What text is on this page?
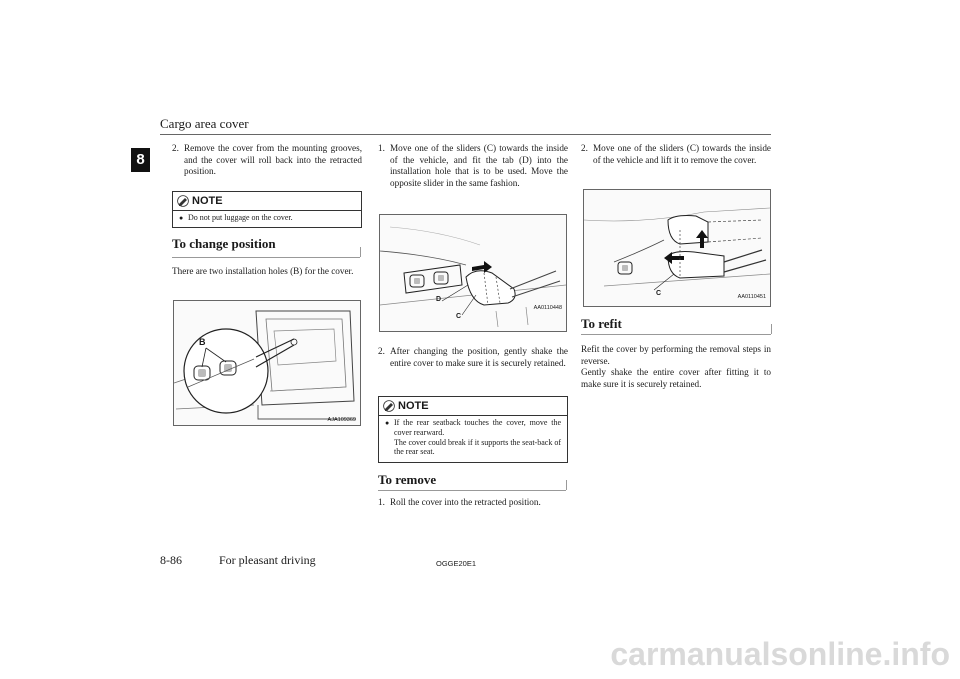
Cargo area cover
8
2. Remove the cover from the mounting grooves, and the cover will roll back into the retracted position.
NOTE
● Do not put luggage on the cover.
To change position
There are two installation holes (B) for the cover.
B
AJA109369
1. Move one of the sliders (C) towards the inside of the vehicle, and fit the tab (D) into the installation hole that is to be used. Move the opposite slider in the same fashion.
D
C
AA0110448
2. After changing the position, gently shake the entire cover to make sure it is securely retained.
NOTE
● If the rear seatback touches the cover, move the cover rearward.
The cover could break if it supports the seat-back of the rear seat.
To remove
1. Roll the cover into the retracted position.
2. Move one of the sliders (C) towards the inside of the vehicle and lift it to remove the cover.
C	AA0110451
To refit
Refit the cover by performing the removal steps in reverse.
Gently shake the entire cover after fitting it to make sure it is securely retained.
8-86	For pleasant driving	OGGE20E1
carmanualsonline.info
